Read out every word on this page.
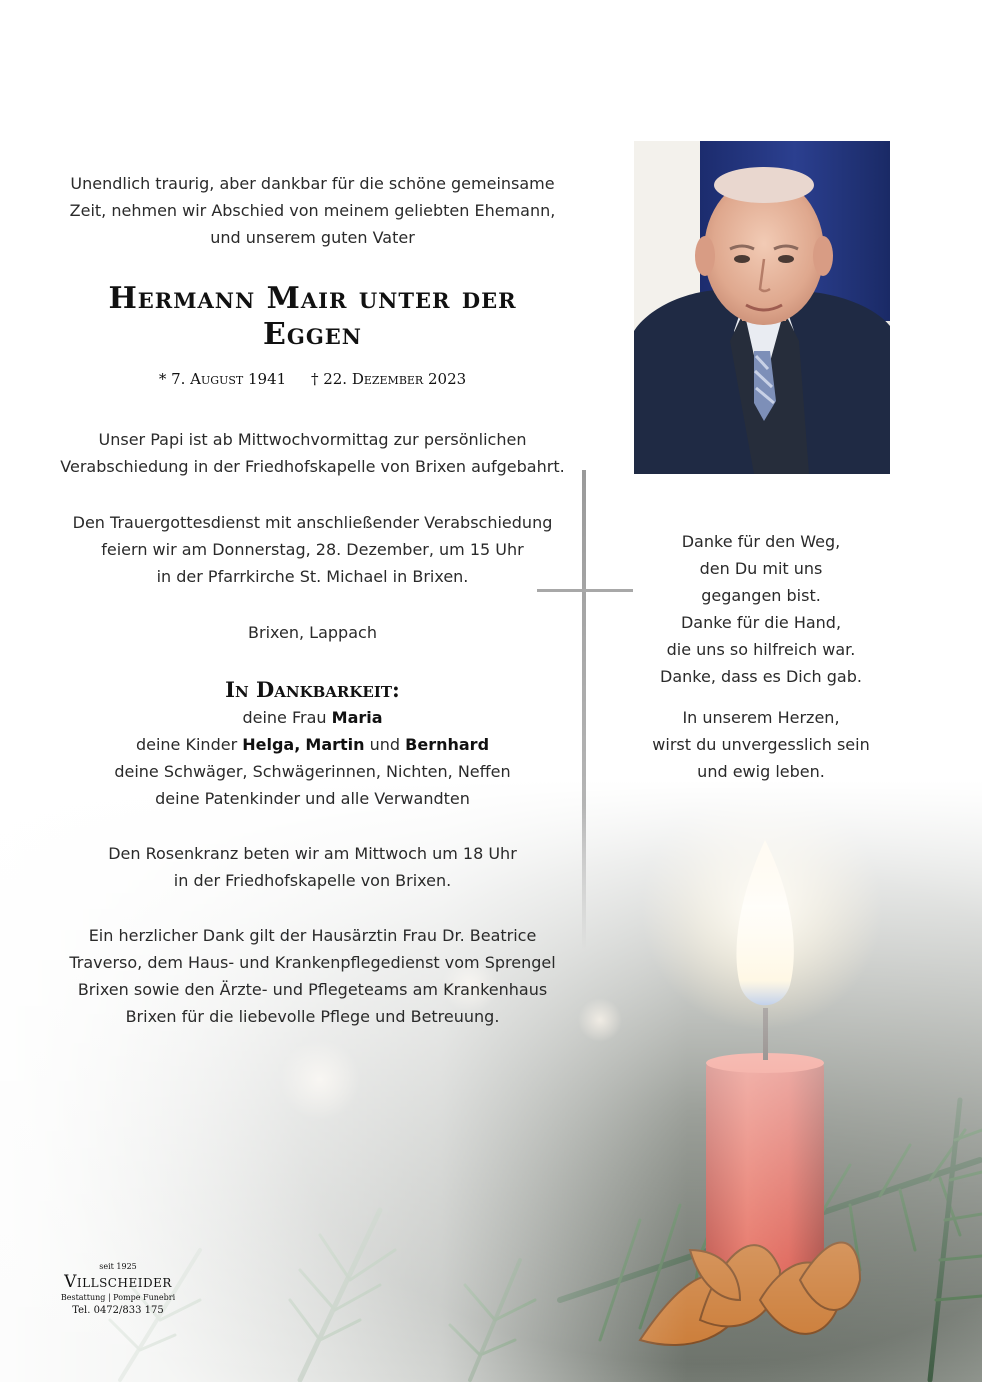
Unendlich traurig, aber dankbar für die schöne gemeinsame
Zeit, nehmen wir Abschied von meinem geliebten Ehemann,
und unserem guten Vater

Hermann Mair unter der Eggen

* 7. August 1941 † 22. Dezember 2023

Unser Papi ist ab Mittwochvormittag zur persönlichen
Verabschiedung in der Friedhofskapelle von Brixen aufgebahrt.

Den Trauergottesdienst mit anschließender Verabschiedung
feiern wir am Donnerstag, 28. Dezember, um 15 Uhr
in der Pfarrkirche St. Michael in Brixen.

Brixen, Lappach

In Dankbarkeit:

deine Frau Maria
deine Kinder Helga, Martin und Bernhard
deine Schwäger, Schwägerinnen, Nichten, Neffen
deine Patenkinder und alle Verwandten

Den Rosenkranz beten wir am Mittwoch um 18 Uhr
in der Friedhofskapelle von Brixen.

Ein herzlicher Dank gilt der Hausärztin Frau Dr. Beatrice
Traverso, dem Haus- und Krankenpflegedienst vom Sprengel
Brixen sowie den Ärzte- und Pflegeteams am Krankenhaus
Brixen für die liebevolle Pflege und Betreuung.

Danke für den Weg,
den Du mit uns
gegangen bist.
Danke für die Hand,
die uns so hilfreich war.
Danke, dass es Dich gab.
In unserem Herzen,
wirst du unvergesslich sein
und ewig leben.
seit 1925
Villscheider
Bestattung | Pompe Funebri
Tel. 0472/833 175
